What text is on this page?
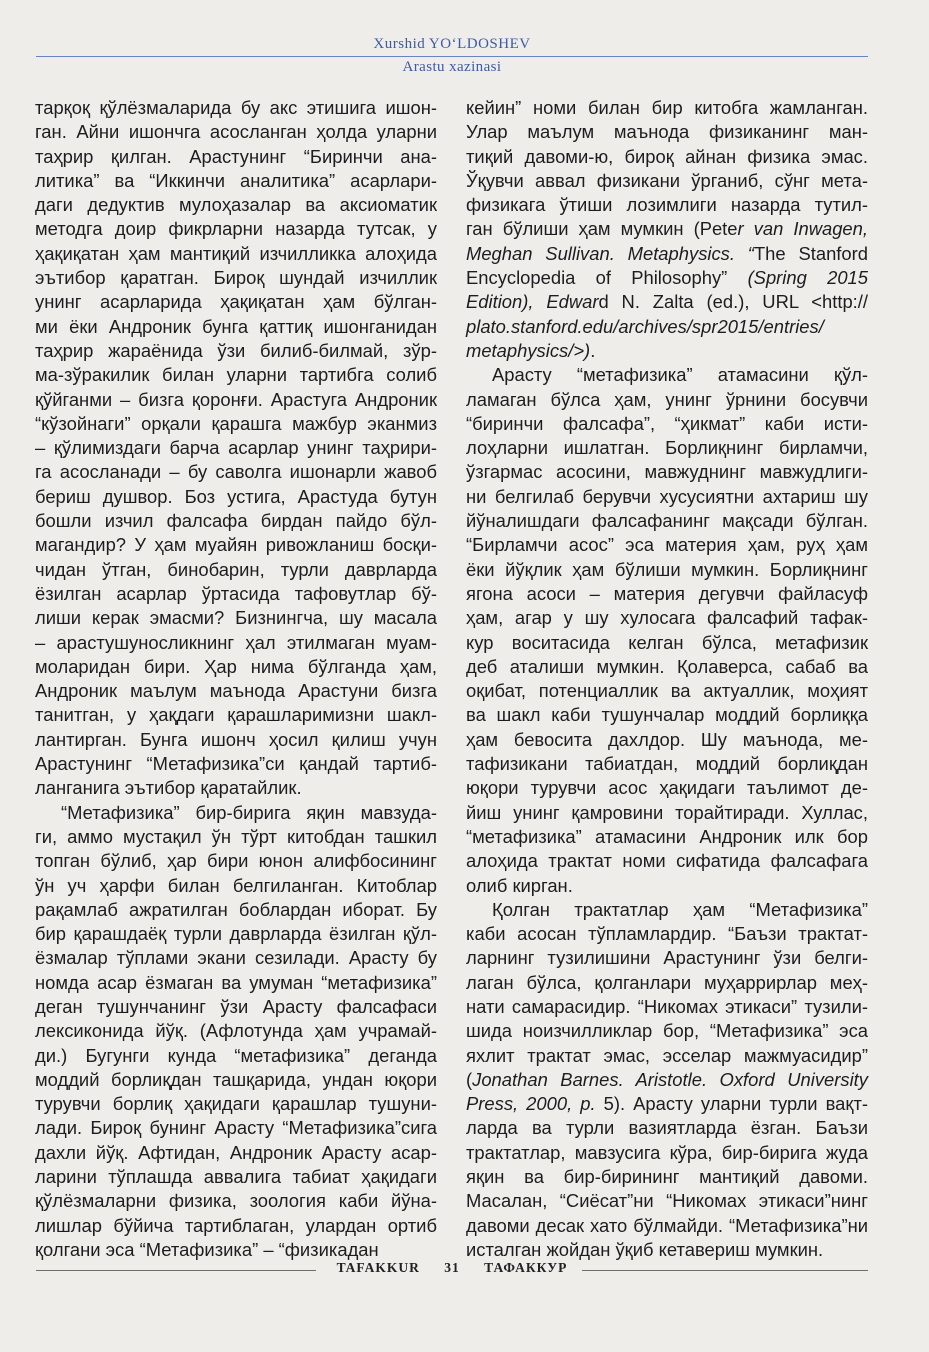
Xurshid YO‘LDOSHEV
Arastu xazinasi

тарқоқ қўлёзмаларида бу акс этишига ишон-

ган. Айни ишончга асосланган ҳолда уларни

таҳрир қилган. Арастунинг “Биринчи ана-

литика” ва “Иккинчи аналитика” асарлари-

даги дедуктив мулоҳазалар ва аксиоматик

методга доир фикрларни назарда тутсак, у

ҳақиқатан ҳам мантиқий изчилликка алоҳида

эътибор қаратган. Бироқ шундай изчиллик

унинг асарларида ҳақиқатан ҳам бўлган-

ми ёки Андроник бунга қаттиқ ишонганидан

таҳрир жараёнида ўзи билиб-билмай, зўр-

ма-зўракилик билан уларни тартибга солиб

қўйганми – бизга қоронғи. Арастуга Андроник

“кўзойнаги” орқали қарашга мажбур эканмиз

– қўлимиздаги барча асарлар унинг таҳрири-

га асосланади – бу саволга ишонарли жавоб

бериш душвор. Боз устига, Арастуда бутун

бошли изчил фалсафа бирдан пайдо бўл-

магандир? У ҳам муайян ривожланиш босқи-

чидан ўтган, бинобарин, турли даврларда

ёзилган асарлар ўртасида тафовутлар бў-

лиши керак эмасми? Бизнингча, шу масала

– арастушуносликнинг ҳал этилмаган муам-

моларидан бири. Ҳар нима бўлганда ҳам,

Андроник маълум маънода Арастуни бизга

танитган, у ҳақдаги қарашларимизни шакл-

лантирган. Бунга ишонч ҳосил қилиш учун

Арастунинг “Метафизика”си қандай тартиб-

ланганига эътибор қаратайлик.

“Метафизика” бир-бирига яқин мавзуда-

ги, аммо мустақил ўн тўрт китобдан ташкил

топган бўлиб, ҳар бири юнон алифбосининг

ўн уч ҳарфи билан белгиланган. Китоблар

рақамлаб ажратилган боблардан иборат. Бу

бир қарашдаёқ турли даврларда ёзилган қўл-

ёзмалар тўплами экани сезилади. Арасту бу

номда асар ёзмаган ва умуман “метафизика”

деган тушунчанинг ўзи Арасту фалсафаси

лексиконида йўқ. (Афлотунда ҳам учрамай-

ди.) Бугунги кунда “метафизика” деганда

моддий борлиқдан ташқарида, ундан юқори

турувчи борлиқ ҳақидаги қарашлар тушуни-

лади. Бироқ бунинг Арасту “Метафизика”сига

дахли йўқ. Афтидан, Андроник Арасту асар-

ларини тўплашда аввалига табиат ҳақидаги

қўлёзмаларни физика, зоология каби йўна-

лишлар бўйича тартиблаган, улардан ортиб

қолгани эса “Метафизика” – “физикадан

кейин” номи билан бир китобга жамланган.

Улар маълум маънода физиканинг ман-

тиқий давоми-ю, бироқ айнан физика эмас.

Ўқувчи аввал физикани ўрганиб, сўнг мета-

физикага ўтиши лозимлиги назарда тутил-

ган бўлиши ҳам мумкин (Peter van Inwagen,

Meghan Sullivan. Metaphysics. “The Stanford

Encyclopedia of Philosophy” (Spring 2015

Edition), Edward N. Zalta (ed.), URL <http://

plato.stanford.edu/archives/spr2015/entries/

metaphysics/>).

Арасту “метафизика” атамасини қўл-

ламаган бўлса ҳам, унинг ўрнини босувчи

“биринчи фалсафа”, “ҳикмат” каби исти-

лоҳларни ишлатган. Борлиқнинг бирламчи,

ўзгармас асосини, мавжуднинг мавжудлиги-

ни белгилаб берувчи хусусиятни ахтариш шу

йўналишдаги фалсафанинг мақсади бўлган.

“Бирламчи асос” эса материя ҳам, руҳ ҳам

ёки йўқлик ҳам бўлиши мумкин. Борлиқнинг

ягона асоси – материя дегувчи файласуф

ҳам, агар у шу хулосага фалсафий тафак-

кур воситасида келган бўлса, метафизик

деб аталиши мумкин. Қолаверса, сабаб ва

оқибат, потенциаллик ва актуаллик, моҳият

ва шакл каби тушунчалар моддий борлиққа

ҳам бевосита дахлдор. Шу маънода, ме-

тафизикани табиатдан, моддий борлиқдан

юқори турувчи асос ҳақидаги таълимот де-

йиш унинг қамровини торайтиради. Хуллас,

“метафизика” атамасини Андроник илк бор

алоҳида трактат номи сифатида фалсафага

олиб кирган.

Қолган трактатлар ҳам “Метафизика”

каби асосан тўпламлардир. “Баъзи трактат-

ларнинг тузилишини Арастунинг ўзи белги-

лаган бўлса, қолганлари муҳаррирлар меҳ-

нати самарасидир. “Никомах этикаси” тузили-

шида ноизчилликлар бор, “Метафизика” эса

яхлит трактат эмас, эсселар мажмуасидир”

(Jonathan Barnes. Aristotle. Oxford University

Press, 2000, p. 5). Арасту уларни турли вақт-

ларда ва турли вазиятларда ёзган. Баъзи

трактатлар, мавзусига кўра, бир-бирига жуда

яқин ва бир-бирининг мантиқий давоми.

Масалан, “Сиёсат”ни “Никомах этикаси”нинг

давоми десак хато бўлмайди. “Метафизика”ни

исталган жойдан ўқиб кетавериш мумкин.

TAFAKKUR 31 ТАФАККУР
